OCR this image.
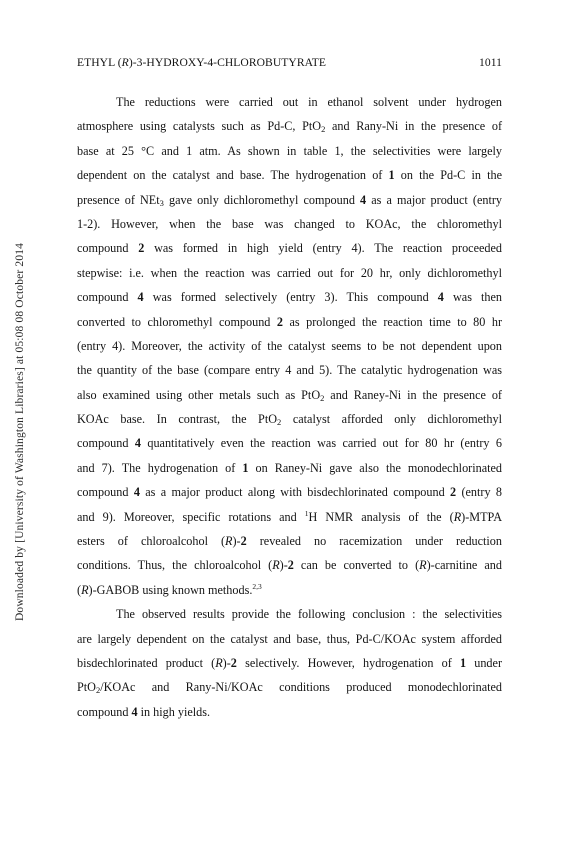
Downloaded by [University of Washington Libraries] at 05:08 08 October 2014
ETHYL (R)-3-HYDROXY-4-CHLOROBUTYRATE	1011
The reductions were carried out in ethanol solvent under hydrogen
atmosphere using catalysts such as Pd-C, PtO$_2$ and Rany-Ni in the presence of
base at 25 °C and 1 atm. As shown in table 1, the selectivities were largely
dependent on the catalyst and base. The hydrogenation of 1 on the Pd-C in the
presence of NEt$_3$ gave only dichloromethyl compound 4 as a major product (entry
1-2). However, when the base was changed to KOAc, the chloromethyl
compound 2 was formed in high yield (entry 4). The reaction proceeded
stepwise: i.e. when the reaction was carried out for 20 hr, only dichloromethyl
compound 4 was formed selectively (entry 3). This compound 4 was then
converted to chloromethyl compound 2 as prolonged the reaction time to 80 hr
(entry 4). Moreover, the activity of the catalyst seems to be not dependent upon
the quantity of the base (compare entry 4 and 5). The catalytic hydrogenation was
also examined using other metals such as PtO$_2$ and Raney-Ni in the presence of
KOAc base. In contrast, the PtO$_2$ catalyst afforded only dichloromethyl
compound 4 quantitatively even the reaction was carried out for 80 hr (entry 6
and 7). The hydrogenation of 1 on Raney-Ni gave also the monodechlorinated
compound 4 as a major product along with bisdechlorinated compound 2 (entry 8
and 9). Moreover, specific rotations and $^1$H NMR analysis of the (R)-MTPA
esters of chloroalcohol (R)-2 revealed no racemization under reduction
conditions. Thus, the chloroalcohol (R)-2 can be converted to (R)-carnitine and
(R)-GABOB using known methods.$^{2,3}$
The observed results provide the following conclusion : the selectivities
are largely dependent on the catalyst and base, thus, Pd-C/KOAc system afforded
bisdechlorinated product (R)-2 selectively. However, hydrogenation of 1 under
PtO$_2$/KOAc and Rany-Ni/KOAc conditions produced monodechlorinated
compound 4 in high yields.
